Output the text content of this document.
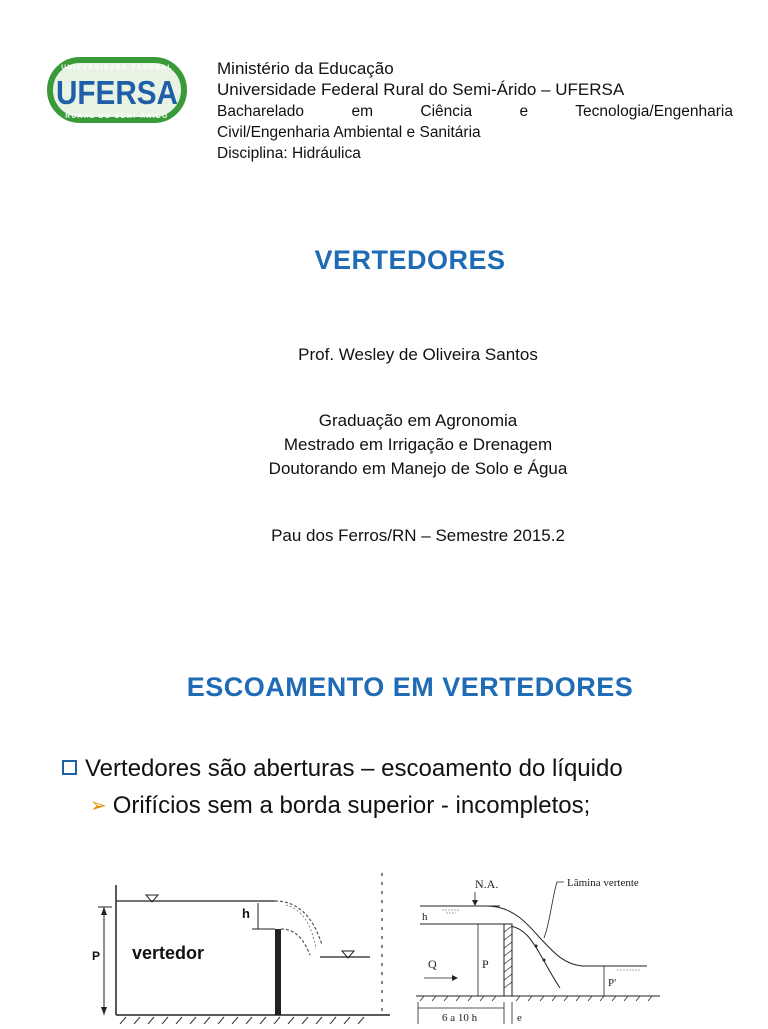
UNIVERSIDADE FEDERAL
RURAL DO SEMI-ÁRIDO
UFERSA
Ministério da Educação
Universidade Federal Rural do Semi-Árido – UFERSA
Bacharelado em Ciência e Tecnologia/Engenharia
Civil/Engenharia Ambiental e Sanitária
Disciplina: Hidráulica
VERTEDORES
Prof. Wesley de Oliveira Santos
Graduação em Agronomia
Mestrado em Irrigação e Drenagem
Doutorando em Manejo de Solo e Água
Pau dos Ferros/RN – Semestre 2015.2
ESCOAMENTO EM VERTEDORES
Vertedores são aberturas – escoamento do líquido
➢ Orifícios sem a borda superior - incompletos;
P
h
vertedor
Lâmina vertente
N.A.
h
P
Q
P'
6 a 10 h	e
